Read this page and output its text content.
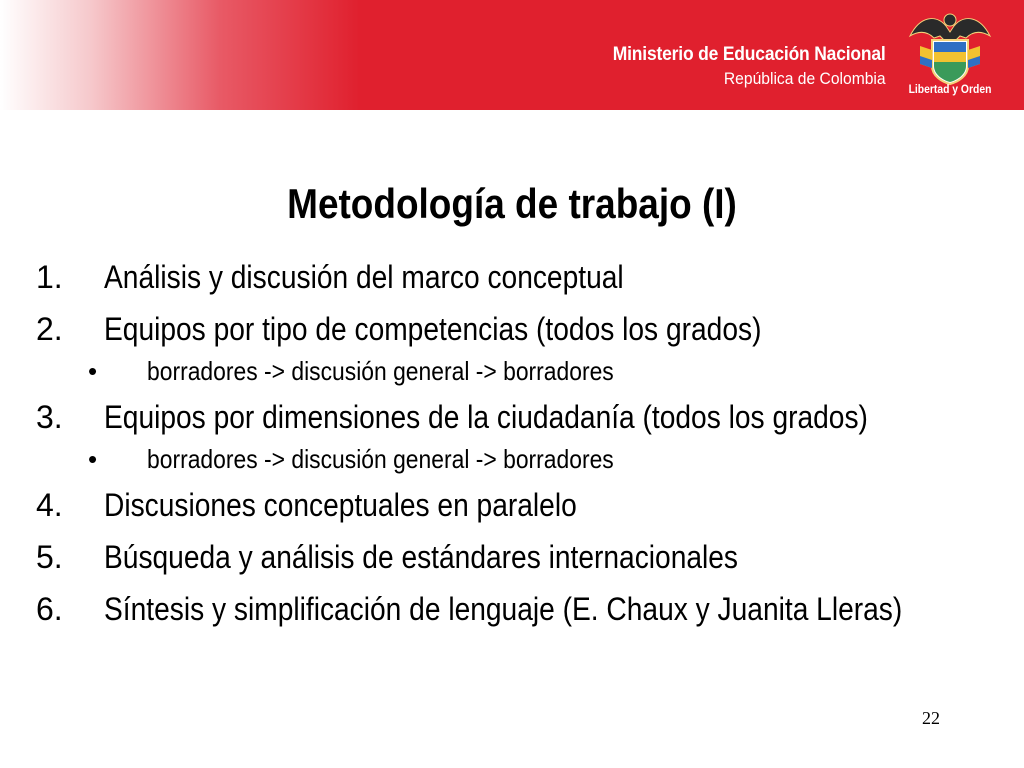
Ministerio de Educación Nacional
República de Colombia
Libertad y Orden
Metodología de trabajo (I)
1. Análisis y discusión del marco conceptual
2. Equipos por tipo de competencias (todos los grados)
• borradores -> discusión general -> borradores
3. Equipos por dimensiones de la ciudadanía (todos los grados)
• borradores -> discusión general -> borradores
4. Discusiones conceptuales en paralelo
5. Búsqueda y análisis de estándares internacionales
6. Síntesis y simplificación de lenguaje (E. Chaux y Juanita Lleras)
22
